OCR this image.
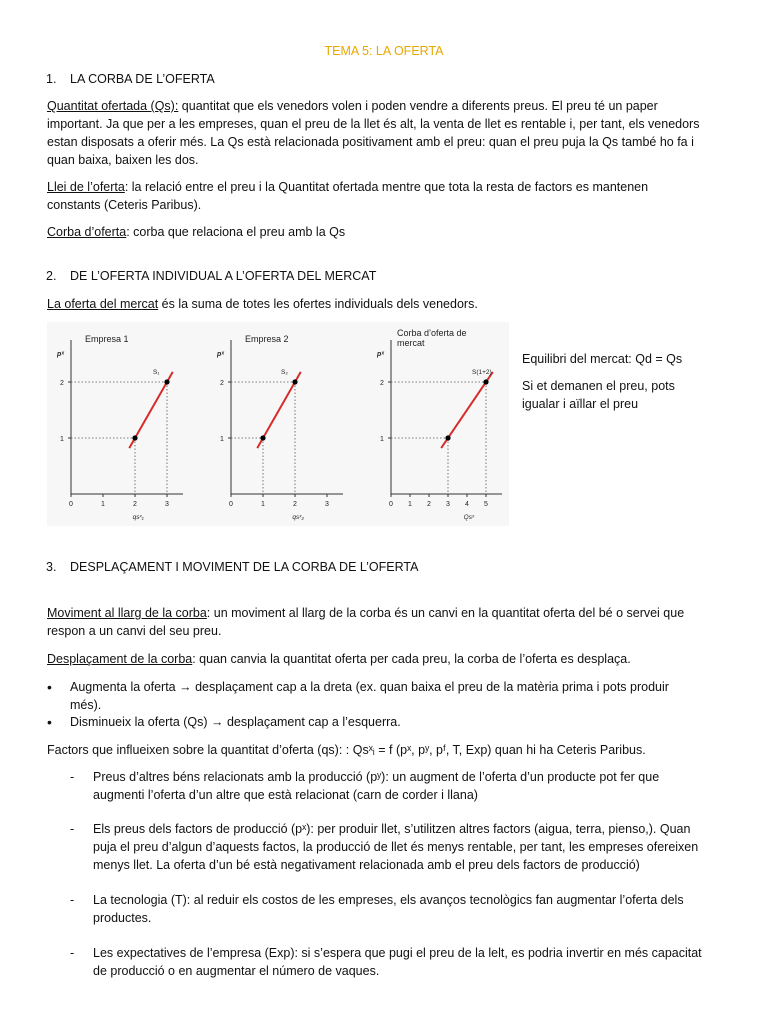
TEMA 5: LA OFERTA
1. LA CORBA DE L’OFERTA
Quantitat ofertada (Qs): quantitat que els venedors volen i poden vendre a diferents preus. El preu té un paper
important. Ja que per a les empreses, quan el preu de la llet és alt, la venta de llet es rentable i, per tant, els venedors
estan disposats a oferir més. La Qs està relacionada positivament amb el preu: quan el preu puja la Qs també ho fa i
quan baixa, baixen les dos.
Llei de l’oferta: la relació entre el preu i la Quantitat ofertada mentre que tota la resta de factors es mantenen
constants (Ceteris Paribus).
Corba d’oferta: corba que relaciona el preu amb la Qs
2. DE L’OFERTA INDIVIDUAL A L’OFERTA DEL MERCAT
La oferta del mercat és la suma de totes les ofertes individuals dels venedors.
Empresa 1
pˣ
1
2
0	1	2	3
qsˣ₁
S₁
Empresa 2
pˣ
1
2
0	1	2	3
qsˣ₂
S₂
Corba d’oferta de
mercat
pˣ
1
2
0 1 2 3 4 5
Qsˣ
S(1+2)
Equilibri del mercat: Qd = Qs
Si et demanen el preu, pots
igualar i aïllar el preu
3. DESPLAÇAMENT I MOVIMENT DE LA CORBA DE L’OFERTA
Moviment al llarg de la corba: un moviment al llarg de la corba és un canvi en la quantitat oferta del bé o servei que
respon a un canvi del seu preu.
Desplaçament de la corba: quan canvia la quantitat oferta per cada preu, la corba de l’oferta es desplaça.
• Augmenta la oferta → desplaçament cap a la dreta (ex. quan baixa el preu de la matèria prima i pots produir
més).
• Disminueix la oferta (Qs) → desplaçament cap a l’esquerra.
Factors que influeixen sobre la quantitat d’oferta (qs): : Qsˣᵢ = f (pˣ, pʸ, pᶠ, T, Exp) quan hi ha Ceteris Paribus.
- Preus d’altres béns relacionats amb la producció (pʸ): un augment de l’oferta d’un producte pot fer que
augmenti l’oferta d’un altre que està relacionat (carn de corder i llana)
- Els preus dels factors de producció (pˣ): per produir llet, s’utilitzen altres factors (aigua, terra, pienso,). Quan
puja el preu d’algun d’aquests factos, la producció de llet és menys rentable, per tant, les empreses ofereixen
menys llet. La oferta d’un bé està negativament relacionada amb el preu dels factors de producció)
- La tecnologia (T): al reduir els costos de les empreses, els avanços tecnològics fan augmentar l’oferta dels
productes.
- Les expectatives de l’empresa (Exp): si s’espera que pugi el preu de la lelt, es podria invertir en més capacitat
de producció o en augmentar el número de vaques.
